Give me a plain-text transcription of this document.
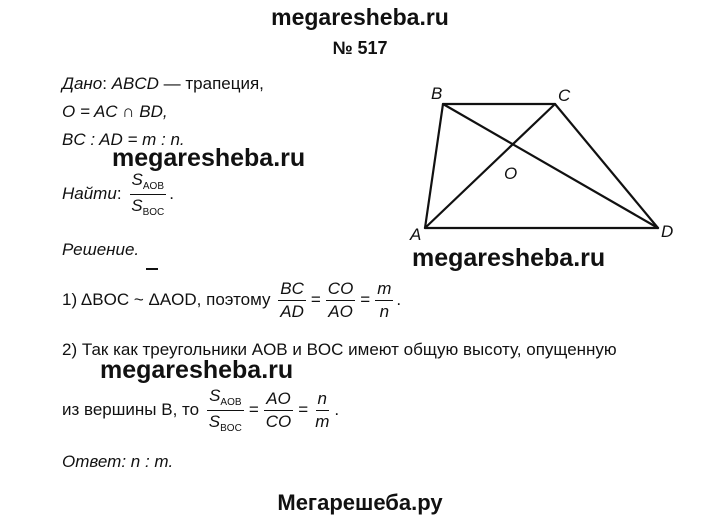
megaresheba.ru
№ 517
Дано: ABCD — трапеция,
O = AC ∩ BD,
BC : AD = m : n.
megaresheba.ru
Найти: $\frac{S_{AOB}}{S_{BOC}}$ .
B	C
O
A	D
Решение.	megaresheba.ru
1) ΔBOC ~ ΔAOD, поэтому $\frac{BC}{AD} = \frac{CO}{AO} = \frac{m}{n}$ .
2) Так как треугольники AOB и BOC имеют общую высоту, опущенную
megaresheba.ru
из вершины B, то $\frac{S_{AOB}}{S_{BOC}} = \frac{AO}{CO} = \frac{n}{m}$ .
Ответ: n : m.
Мегарешеба.ру
